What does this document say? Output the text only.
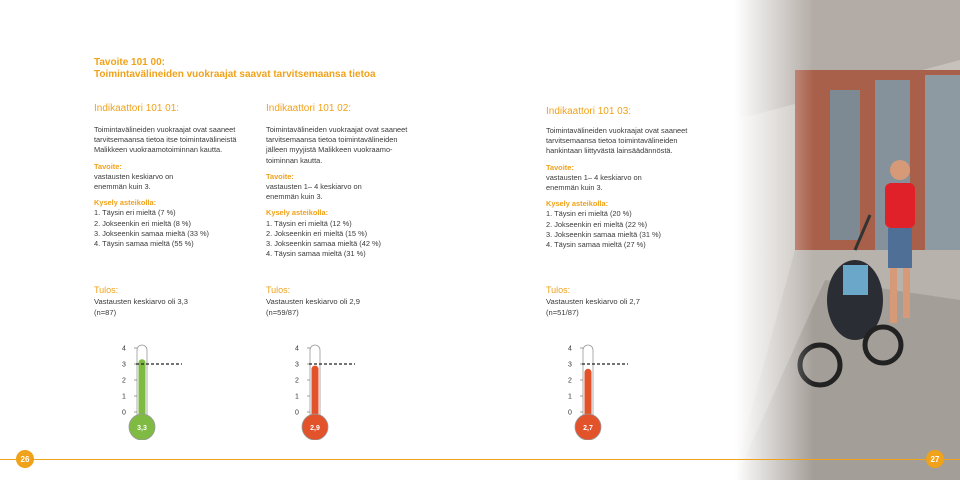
Tavoite 101 00:
Toimintavälineiden vuokraajat saavat tarvitsemaansa tietoa
Indikaattori 101 01:

Toimintavälineiden vuokraajat ovat saaneet
tarvitsemaansa tietoa itse toimintavälineistä
Malikkeen vuokraamotoiminnan kautta.

Tavoite:
vastausten keskiarvo on
enemmän kuin 3.

Kysely asteikolla:
1. Täysin eri mieltä (7 %)
2. Jokseenkin eri mieltä (8 %)
3. Jokseenkin samaa mieltä (33 %)
4. Täysin samaa mieltä (55 %)

Tulos:
Vastausten keskiarvo oli 3,3
(n=87)
Indikaattori 101 02:

Toimintavälineiden vuokraajat ovat saaneet
tarvitsemaansa tietoa toimintavälineiden
jälleen myyjistä Malikkeen vuokraamo-
toiminnan kautta.

Tavoite:
vastausten 1– 4 keskiarvo on
enemmän kuin 3.

Kysely asteikolla:
1. Täysin eri mieltä (12 %)
2. Jokseenkin eri mieltä (15 %)
3. Jokseenkin samaa mieltä (42 %)
4. Täysin samaa mieltä (31 %)

Tulos:
Vastausten keskiarvo oli 2,9
(n=59/87)
Indikaattori 101 03:

Toimintavälineiden vuokraajat ovat saaneet
tarvitsemaansa tietoa toimintavälineiden
hankintaan liittyvästä lainsäädännöstä.

Tavoite:
vastausten 1– 4 keskiarvo on
enemmän kuin 3.

Kysely asteikolla:
1. Täysin eri mieltä (20 %)
2. Jokseenkin eri mieltä (22 %)
3. Jokseenkin samaa mieltä (31 %)
4. Täysin samaa mieltä (27 %)

Tulos:
Vastausten keskiarvo oli 2,7
(n=51/87)
3,3
4
3
2
1
0
2,9
4
3
2
1
0
2,7
4
3
2
1
0
26	27
